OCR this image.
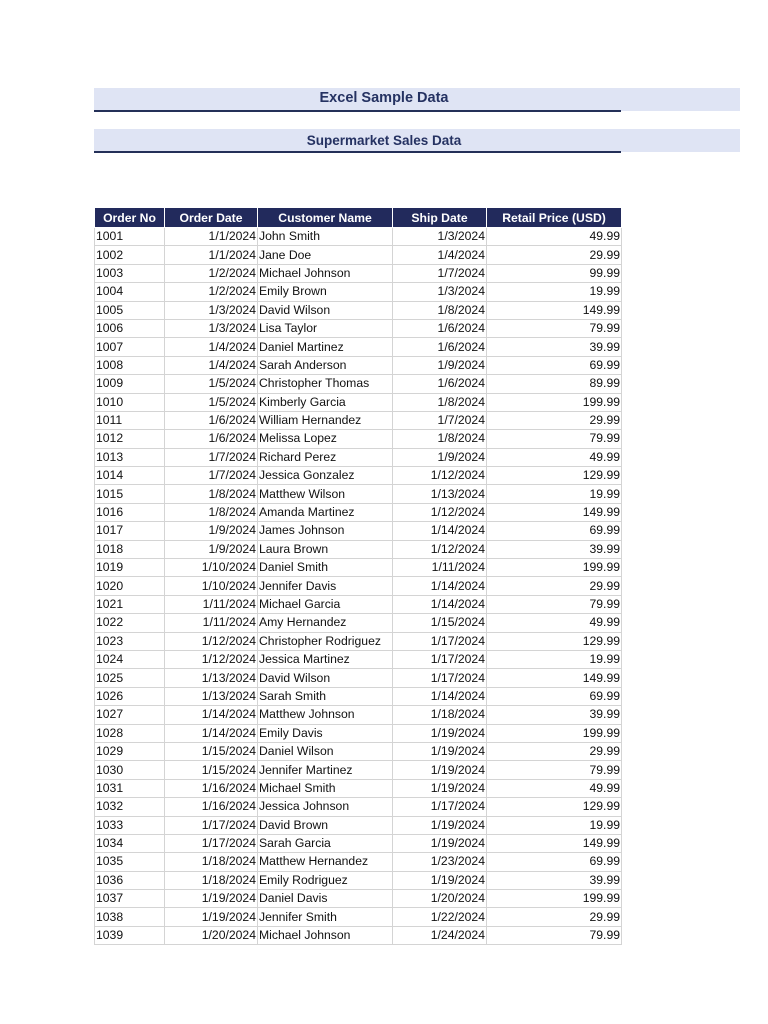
Excel Sample Data
Supermarket Sales Data
Order No	Order Date	Customer Name	Ship Date	Retail Price (USD)
1001	1/1/2024	John Smith	1/3/2024	49.99
1002	1/1/2024	Jane Doe	1/4/2024	29.99
1003	1/2/2024	Michael Johnson	1/7/2024	99.99
1004	1/2/2024	Emily Brown	1/3/2024	19.99
1005	1/3/2024	David Wilson	1/8/2024	149.99
1006	1/3/2024	Lisa Taylor	1/6/2024	79.99
1007	1/4/2024	Daniel Martinez	1/6/2024	39.99
1008	1/4/2024	Sarah Anderson	1/9/2024	69.99
1009	1/5/2024	Christopher Thomas	1/6/2024	89.99
1010	1/5/2024	Kimberly Garcia	1/8/2024	199.99
1011	1/6/2024	William Hernandez	1/7/2024	29.99
1012	1/6/2024	Melissa Lopez	1/8/2024	79.99
1013	1/7/2024	Richard Perez	1/9/2024	49.99
1014	1/7/2024	Jessica Gonzalez	1/12/2024	129.99
1015	1/8/2024	Matthew Wilson	1/13/2024	19.99
1016	1/8/2024	Amanda Martinez	1/12/2024	149.99
1017	1/9/2024	James Johnson	1/14/2024	69.99
1018	1/9/2024	Laura Brown	1/12/2024	39.99
1019	1/10/2024	Daniel Smith	1/11/2024	199.99
1020	1/10/2024	Jennifer Davis	1/14/2024	29.99
1021	1/11/2024	Michael Garcia	1/14/2024	79.99
1022	1/11/2024	Amy Hernandez	1/15/2024	49.99
1023	1/12/2024	Christopher Rodriguez	1/17/2024	129.99
1024	1/12/2024	Jessica Martinez	1/17/2024	19.99
1025	1/13/2024	David Wilson	1/17/2024	149.99
1026	1/13/2024	Sarah Smith	1/14/2024	69.99
1027	1/14/2024	Matthew Johnson	1/18/2024	39.99
1028	1/14/2024	Emily Davis	1/19/2024	199.99
1029	1/15/2024	Daniel Wilson	1/19/2024	29.99
1030	1/15/2024	Jennifer Martinez	1/19/2024	79.99
1031	1/16/2024	Michael Smith	1/19/2024	49.99
1032	1/16/2024	Jessica Johnson	1/17/2024	129.99
1033	1/17/2024	David Brown	1/19/2024	19.99
1034	1/17/2024	Sarah Garcia	1/19/2024	149.99
1035	1/18/2024	Matthew Hernandez	1/23/2024	69.99
1036	1/18/2024	Emily Rodriguez	1/19/2024	39.99
1037	1/19/2024	Daniel Davis	1/20/2024	199.99
1038	1/19/2024	Jennifer Smith	1/22/2024	29.99
1039	1/20/2024	Michael Johnson	1/24/2024	79.99
